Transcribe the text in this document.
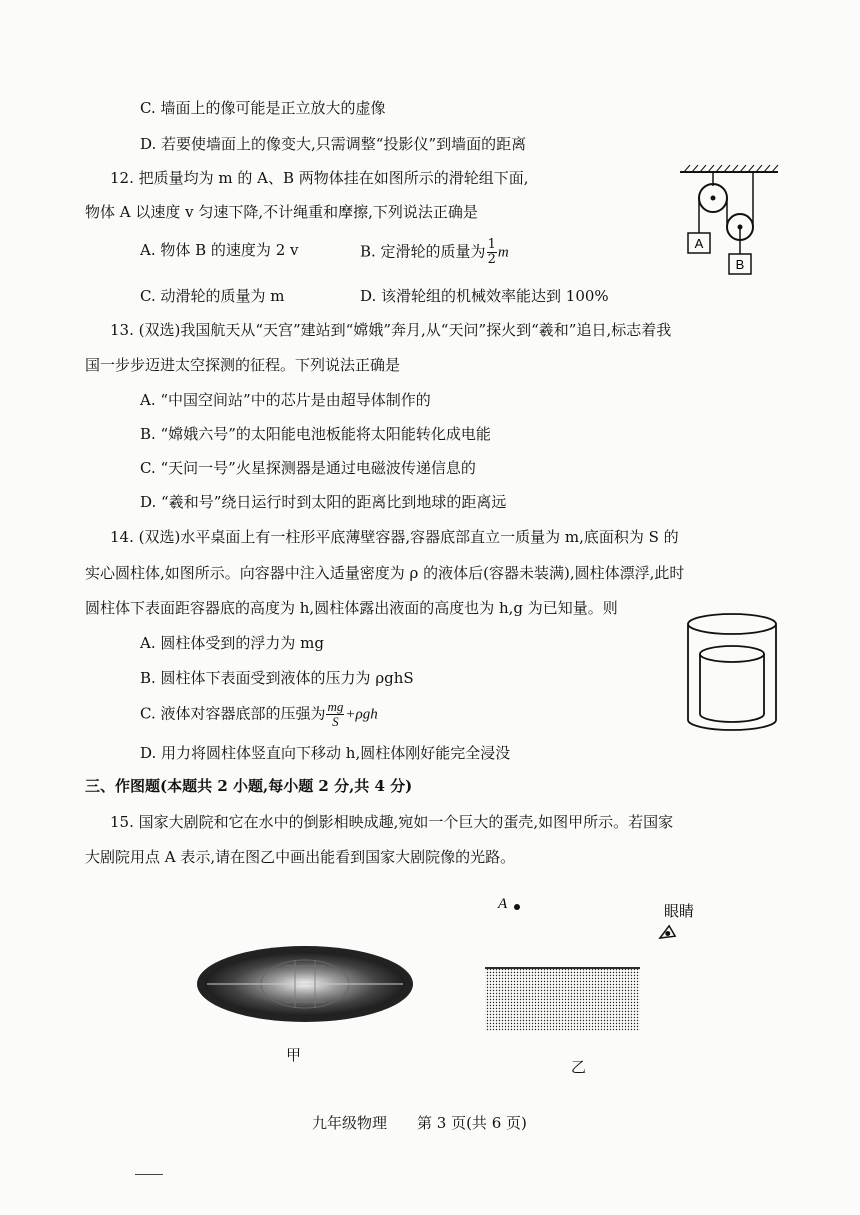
C. 墙面上的像可能是正立放大的虚像
D. 若要使墙面上的像变大,只需调整“投影仪”到墙面的距离
12. 把质量均为 m 的 A、B 两物体挂在如图所示的滑轮组下面,
物体 A 以速度 v 匀速下降,不计绳重和摩擦,下列说法正确是
A. 物体 B 的速度为 2 v	B. 定滑轮的质量为 $\frac{1}{2}$ m
C. 动滑轮的质量为 m	D. 该滑轮组的机械效率能达到 100%
A
B
13. (双选)我国航天从“天宫”建站到“嫦娥”奔月,从“天问”探火到“羲和”追日,标志着我
国一步步迈进太空探测的征程。下列说法正确是
A. “中国空间站”中的芯片是由超导体制作的
B. “嫦娥六号”的太阳能电池板能将太阳能转化成电能
C. “天问一号”火星探测器是通过电磁波传递信息的
D. “羲和号”绕日运行时到太阳的距离比到地球的距离远
14. (双选)水平桌面上有一柱形平底薄壁容器,容器底部直立一质量为 m,底面积为 S 的
实心圆柱体,如图所示。向容器中注入适量密度为 ρ 的液体后(容器未装满),圆柱体漂浮,此时
圆柱体下表面距容器底的高度为 h,圆柱体露出液面的高度也为 h,g 为已知量。则
A. 圆柱体受到的浮力为 mg
B. 圆柱体下表面受到液体的压力为 ρghS
C. 液体对容器底部的压强为 $\frac{mg}{S} +\rho gh$
D. 用力将圆柱体竖直向下移动 h,圆柱体刚好能完全浸没
三、作图题(本题共 2 小题,每小题 2 分,共 4 分)
15. 国家大剧院和它在水中的倒影相映成趣,宛如一个巨大的蛋壳,如图甲所示。若国家
大剧院用点 A 表示,请在图乙中画出能看到国家大剧院像的光路。
甲
A	眼睛
乙
九年级物理　　第 3 页(共 6 页)
